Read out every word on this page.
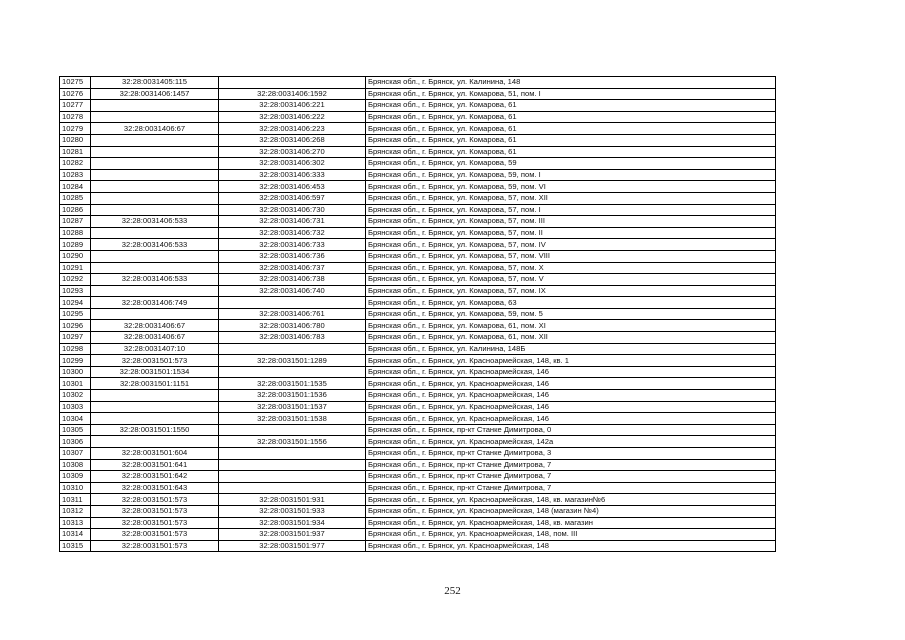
10275	32:28:0031405:115		Брянская обл., г. Брянск, ул. Калинина, 148
10276	32:28:0031406:1457	32:28:0031406:1592	Брянская обл., г. Брянск, ул. Комарова, 51, пом. I
10277		32:28:0031406:221	Брянская обл., г. Брянск, ул. Комарова, 61
10278		32:28:0031406:222	Брянская обл., г. Брянск, ул. Комарова, 61
10279	32:28:0031406:67	32:28:0031406:223	Брянская обл., г. Брянск, ул. Комарова, 61
10280		32:28:0031406:268	Брянская обл., г. Брянск, ул. Комарова, 61
10281		32:28:0031406:270	Брянская обл., г. Брянск, ул. Комарова, 61
10282		32:28:0031406:302	Брянская обл., г. Брянск, ул. Комарова, 59
10283		32:28:0031406:333	Брянская обл., г. Брянск, ул. Комарова, 59, пом. I
10284		32:28:0031406:453	Брянская обл., г. Брянск, ул. Комарова, 59, пом. VI
10285		32:28:0031406:597	Брянская обл., г. Брянск, ул. Комарова, 57, пом. XII
10286		32:28:0031406:730	Брянская обл., г. Брянск, ул. Комарова, 57, пом. I
10287	32:28:0031406:533	32:28:0031406:731	Брянская обл., г. Брянск, ул. Комарова, 57, пом. III
10288		32:28:0031406:732	Брянская обл., г. Брянск, ул. Комарова, 57, пом. II
10289	32:28:0031406:533	32:28:0031406:733	Брянская обл., г. Брянск, ул. Комарова, 57, пом. IV
10290		32:28:0031406:736	Брянская обл., г. Брянск, ул. Комарова, 57, пом. VIII
10291		32:28:0031406:737	Брянская обл., г. Брянск, ул. Комарова, 57, пом. X
10292	32:28:0031406:533	32:28:0031406:738	Брянская обл., г. Брянск, ул. Комарова, 57, пом. V
10293		32:28:0031406:740	Брянская обл., г. Брянск, ул. Комарова, 57, пом. IX
10294	32:28:0031406:749		Брянская обл., г. Брянск, ул. Комарова, 63
10295		32:28:0031406:761	Брянская обл., г. Брянск, ул. Комарова, 59, пом. 5
10296	32:28:0031406:67	32:28:0031406:780	Брянская обл., г. Брянск, ул. Комарова, 61, пом. XI
10297	32:28:0031406:67	32:28:0031406:783	Брянская обл., г. Брянск, ул. Комарова, 61, пом. XII
10298	32:28:0031407:10		Брянская обл., г. Брянск, ул. Калинина, 148Б
10299	32:28:0031501:573	32:28:0031501:1289	Брянская обл., г. Брянск, ул. Красноармейская, 148, кв. 1
10300	32:28:0031501:1534		Брянская обл., г. Брянск, ул. Красноармейская, 146
10301	32:28:0031501:1151	32:28:0031501:1535	Брянская обл., г. Брянск, ул. Красноармейская, 146
10302		32:28:0031501:1536	Брянская обл., г. Брянск, ул. Красноармейская, 146
10303		32:28:0031501:1537	Брянская обл., г. Брянск, ул. Красноармейская, 146
10304		32:28:0031501:1538	Брянская обл., г. Брянск, ул. Красноармейская, 146
10305	32:28:0031501:1550		Брянская обл., г. Брянск, пр-кт Станке Димитрова, 0
10306		32:28:0031501:1556	Брянская обл., г. Брянск, ул. Красноармейская, 142а
10307	32:28:0031501:604		Брянская обл., г. Брянск, пр-кт Станке Димитрова, 3
10308	32:28:0031501:641		Брянская обл., г. Брянск, пр-кт Станке Димитрова, 7
10309	32:28:0031501:642		Брянская обл., г. Брянск, пр-кт Станке Димитрова, 7
10310	32:28:0031501:643		Брянская обл., г. Брянск, пр-кт Станке Димитрова, 7
10311	32:28:0031501:573	32:28:0031501:931	Брянская обл., г. Брянск, ул. Красноармейская, 148, кв. магазин№6
10312	32:28:0031501:573	32:28:0031501:933	Брянская обл., г. Брянск, ул. Красноармейская, 148 (магазин №4)
10313	32:28:0031501:573	32:28:0031501:934	Брянская обл., г. Брянск, ул. Красноармейская, 148, кв. магазин
10314	32:28:0031501:573	32:28:0031501:937	Брянская обл., г. Брянск, ул. Красноармейская, 148, пом. III
10315	32:28:0031501:573	32:28:0031501:977	Брянская обл., г. Брянск, ул. Красноармейская, 148
252
